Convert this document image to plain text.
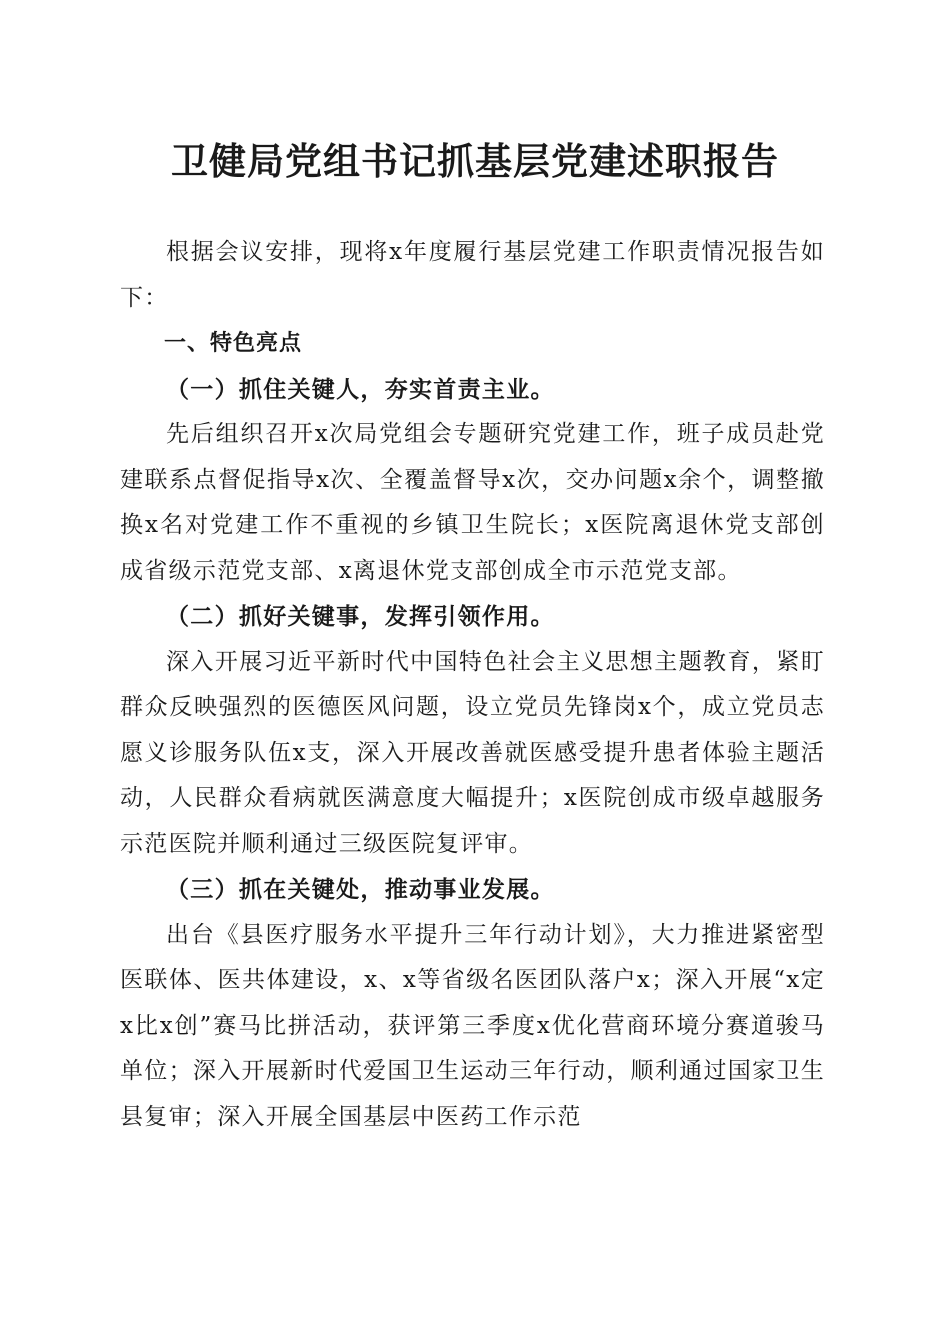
卫健局党组书记抓基层党建述职报告

根据会议安排，现将x年度履行基层党建工作职责情况报告如下：

一、特色亮点

（一）抓住关键人，夯实首责主业。

先后组织召开x次局党组会专题研究党建工作，班子成员赴党建联系点督促指导x次、全覆盖督导x次，交办问题x余个，调整撤换x名对党建工作不重视的乡镇卫生院长；x医院离退休党支部创成省级示范党支部、x离退休党支部创成全市示范党支部。

（二）抓好关键事，发挥引领作用。

深入开展习近平新时代中国特色社会主义思想主题教育，紧盯群众反映强烈的医德医风问题，设立党员先锋岗x个，成立党员志愿义诊服务队伍x支，深入开展改善就医感受提升患者体验主题活动，人民群众看病就医满意度大幅提升；x医院创成市级卓越服务示范医院并顺利通过三级医院复评审。

（三）抓在关键处，推动事业发展。

出台《县医疗服务水平提升三年行动计划》，大力推进紧密型医联体、医共体建设，x、x等省级名医团队落户x；深入开展“x定x比x创”赛马比拼活动，获评第三季度x优化营商环境分赛道骏马单位；深入开展新时代爱国卫生运动三年行动，顺利通过国家卫生县复审；深入开展全国基层中医药工作示范
